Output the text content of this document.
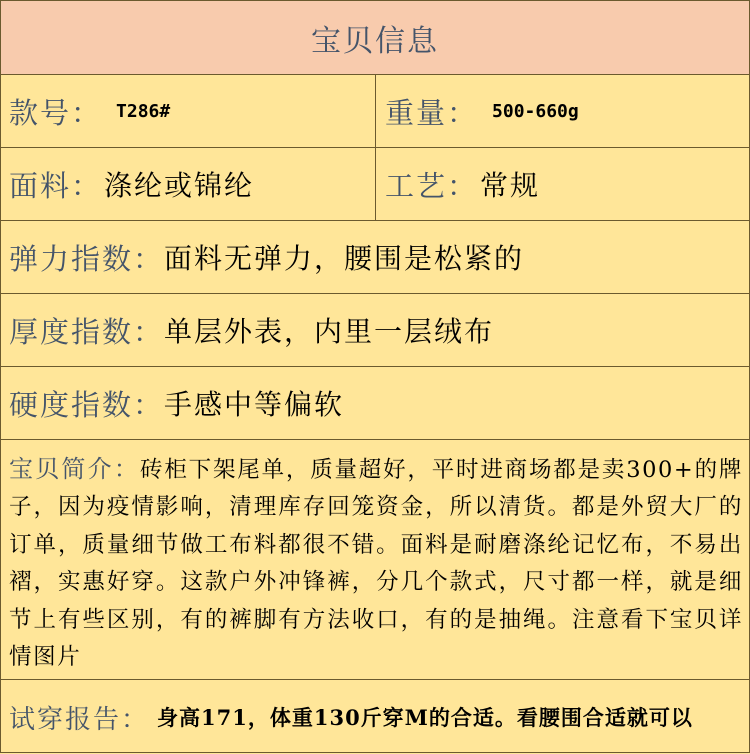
宝贝信息
款号： T286#	重量： 500-660g
面料： 涤纶或锦纶	工艺： 常规
弹力指数： 面料无弹力，腰围是松紧的
厚度指数： 单层外表，内里一层绒布
硬度指数： 手感中等偏软
宝贝简介：砖柜下架尾单，质量超好，平时进商场都是卖300+的牌子，因为疫情影响，清理库存回笼资金，所以清货。都是外贸大厂的订单，质量细节做工布料都很不错。面料是耐磨涤纶记忆布，不易出褶，实惠好穿。这款户外冲锋裤，分几个款式，尺寸都一样，就是细节上有些区别，有的裤脚有方法收口，有的是抽绳。注意看下宝贝详情图片
试穿报告： 身高171，体重130斤穿M的合适。看腰围合适就可以
